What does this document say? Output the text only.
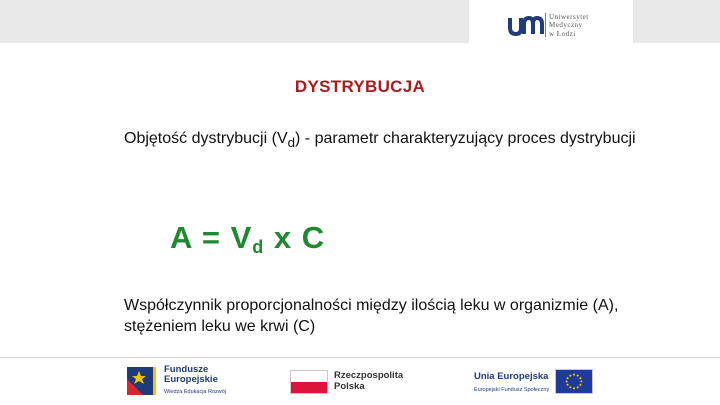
Uniwersytet
Medyczny
w Łodzi
DYSTRYBUCJA
Objętość dystrybucji $(V_d)$ - parametr charakteryzujący proces dystrybucji
$A = V_d$ x C
Współczynnik proporcjonalności między ilością leku w organizmie (A), stężeniem leku we krwi (C)
Fundusze
Europejskie
Wiedza Edukacja Rozwój
Rzeczpospolita
Polska
Unia Europejska
Europejski Fundusz Społeczny
